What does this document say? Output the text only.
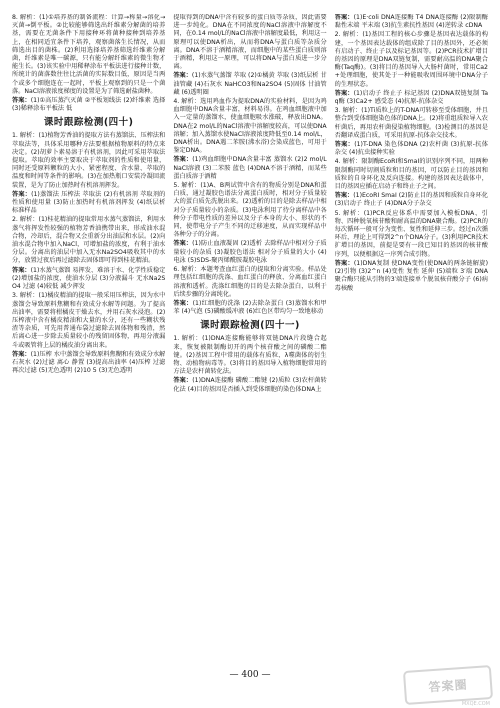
8. 解析：(1)①培养基的制备流程：计算→称量→溶化→灭菌→倒平板。②比较能够筛选出纤维素分解菌的培养基，需要在无菌条件下用接种环将菌种接种到培养基上，在相同适宜条件下培养，观察菌落生长情况，从而筛选出目的菌株。(2)利用选择培养基筛选纤维素分解菌，纤维素是唯一碳源，只有能分解纤维素的微生物才能生长。(3)该实验中用稀释涂布平板法进行接种计数，所统计的菌落数往往比活菌的实际数目低，原因是当两个或多个细胞连在一起时，平板上观察到的只是一个菌落。NaCl溶液浓度梯度的设置是为了筛选耐盐菌种。

答案：(1)①高压蒸汽灭菌 ②平板划线法 (2)纤维素 选择 (3)稀释涂布平板法 低

课时跟踪检测(四十)

1. 解析：(1)植物芳香油的提取方法有蒸馏法、压榨法和萃取法等，具体采用哪种方法要根据植物原料的特点来决定。(2)胡萝卜素易溶于有机溶剂，因此可采用萃取法提取。萃取的效率主要取决于萃取剂的性质和使用量，同时还受原料颗粒的大小、紧密程度、含水量、萃取的温度和时间等条件的影响。(3)在加热瓶口安装冷凝回流装置，是为了防止加热时有机溶剂挥发。

答案：(1)蒸馏法 压榨法 萃取法 (2)有机溶剂 萃取剂的性质和使用量 (3)防止加热时有机溶剂挥发 (4)纸层析 标准样品

2. 解析：(1)桂花精油的提取常用水蒸气蒸馏法，利用水蒸气将挥发性较强的植物芳香油携带出来，形成油水混合物，冷却后，混合物又会重新分出油层和水层。(2)向油水混合物中加入NaCl，可增加盐的浓度，有利于油水分层。分离出的油层中加入无水Na2SO4吸收其中的水分，放置过夜后再过滤除去固体即可得到桂花精油。

答案：(1)水蒸气蒸馏 易挥发、难溶于水、化学性质稳定 (2)增加盐的浓度，使油水分层 (3)分液漏斗 无水Na2SO4 过滤 (4)较低 减少挥发

3. 解析：(1)橘皮精油的提取一般采用压榨法，因为水中蒸馏会导致原料焦糊和有效成分水解等问题。为了提高出油率，需要将柑橘皮干燥去水，并用石灰水浸泡。(2)压榨液中含有橘皮精油和大量的水分，还有一些糊状残渣等杂质，可先用普通布袋过滤除去固体物和残渣，然后离心进一步除去质量较小的残留固体物，再用分液漏斗或吸管将上层的橘皮油分离出来。

答案：(1)压榨 水中蒸馏会导致原料焦糊和有效成分水解 石灰水 (2)过滤 离心 静置 (3)提高出油率 (4)压榨 过滤 再次过滤 (5)无色透明 (2)10 5 (3)无色透明

提取得到的DNA中含有较多的蛋白质等杂质，因此需要进一步纯化。DNA在不同浓度的NaCl溶液中溶解度不同，在0.14 mol/L的NaCl溶液中溶解度最低，利用这一原理可以使DNA析出，从而将DNA与蛋白质等杂质分离。DNA不溶于酒精溶液，而细胞中的某些蛋白质则溶于酒精，利用这一原理，可以将DNA与蛋白质进一步分离。

答案：(1)水蒸气蒸馏 萃取 (2)①橘黄 萃取 (3)纸层析 甘油管藏 (4)石灰水 NaHCO3和Na2SO4 (5)固体 甘油管藏 (6)透明圈

4. 解析：选用鸡血作为提取DNA的实验材料，是因为鸡血细胞中DNA含量丰富，材料易得。在鸡血细胞液中加入一定量的蒸馏水，使血细胞吸水涨破，释放出DNA。DNA在2 mol/L的NaCl溶液中溶解度较高，可以使DNA溶解；加入蒸馏水使NaCl溶液浓度降低至0.14 mol/L，DNA析出。DNA遇二苯胺(沸水浴)会染成蓝色，可用于鉴定DNA。

答案：(1)鸡血细胞中DNA含量丰富 蒸馏水 (2)2 mol/L NaCl溶液 (3)二苯胺 蓝色 (4)DNA不溶于酒精，而某些蛋白质溶于酒精

5. 解析：(1)A、B两试管中含有的物质分别是DNA和蛋白质，通过凝胶色谱法分离蛋白质时，相对分子质量较大的蛋白质先洗脱出来。(2)透析的目的是除去样品中相对分子质量较小的杂质。(3)电泳利用了待分离样品中各种分子带电性质的差异以及分子本身的大小、形状的不同，使带电分子产生不同的迁移速度，从而实现样品中各种分子的分离。

答案：(1)防止血液凝固 (2)透析 去除样品中相对分子质量较小的杂质 (3)凝胶色谱法 相对分子质量的大小 (4)电泳 (5)SDS-聚丙烯酰胺凝胶电泳

6. 解析：本题考查血红蛋白的提取和分离实验。样品处理包括红细胞的洗涤、血红蛋白的释放、分离血红蛋白溶液和透析。洗涤红细胞的目的是去除杂蛋白，以利于后续步骤的分离纯化。

答案：(1)红细胞的洗涤 (2)去除杂蛋白 (3)蒸馏水和甲苯 (4)气泡 (5)磷酸缓冲液 (6)红色区带均匀一致地移动

课时跟踪检测(四十一)

1. 解析：(1)DNA连接酶能够将双链DNA片段缝合起来，恢复被限制酶切开的两个核苷酸之间的磷酸二酯键。(2)基因工程中常用的载体有质粒、λ噬菌体的衍生物、动植物病毒等。(3)将目的基因导入植物细胞常用的方法是农杆菌转化法。

答案：(1)DNA连接酶 磷酸二酯键 (2)质粒 (3)农杆菌转化法 (4)目的基因是否插入到受体细胞的染色体DNA上

答案：(1)E·coli DNA连接酶 T4 DNA连接酶 (2)限制酶 黏性末端 平末端 (3)抗生素抗性基因 (4)逆转录 cDNA

2. 解析：(1)基因工程的核心步骤是基因表达载体的构建，一个基因表达载体的组成除了目的基因外，还必须有启动子、终止子以及标记基因等。(2)PCR技术扩增目的基因的原理是DNA双链复制，需要耐高温的DNA聚合酶(Taq酶)。(3)将目的基因导入大肠杆菌时，常用Ca2+处理细胞，使其处于一种能吸收周围环境中DNA分子的生理状态。

答案：(1)启动子 终止子 标记基因 (2)DNA双链复制 Taq酶 (3)Ca2+ 感受态 (4)抗原-抗体杂交

3. 解析：(1)Ti质粒上的T-DNA可转移至受体细胞，并且整合到受体细胞染色体的DNA上。(2)将重组质粒导入农杆菌后，再用农杆菌侵染植物细胞。(3)检测目的基因是否翻译成蛋白质，可采用抗原-抗体杂交技术。

答案：(1)T-DNA 染色体DNA (2)农杆菌 (3)抗原-抗体杂交 (4)抗虫接种实验

4. 解析：限制酶EcoRⅠ和SmaⅠ的识别序列不同，用两种限制酶同时切割质粒和目的基因，可以防止目的基因和质粒的自身环化及反向连接。构建的基因表达载体中，目的基因应插在启动子和终止子之间。

答案：(1)EcoRⅠ SmaⅠ (2)防止目的基因和质粒自身环化 (3)启动子 终止子 (4)DNA分子杂交

5. 解析：(1)PCR反应体系中需要加入模板DNA、引物、四种脱氧核苷酸和耐高温的DNA聚合酶。(2)PCR的每次循环一般可分为变性、复性和延伸三步。经过n次循环后，理论上可得到2^n个DNA分子。(3)利用PCR技术扩增目的基因，前提是要有一段已知目的基因的核苷酸序列，以便根据这一序列合成引物。

答案：(1)DNA复制 使DNA变性(使DNA的两条链解旋) (2)引物 (3)2^n (4)变性 复性 延伸 (5)端粒 3′端 DNA聚合酶只能从引物的3′端连接单个脱氧核苷酸分子 (6)病毒核酸

— 400 —
答案圈
MXQE.COM
